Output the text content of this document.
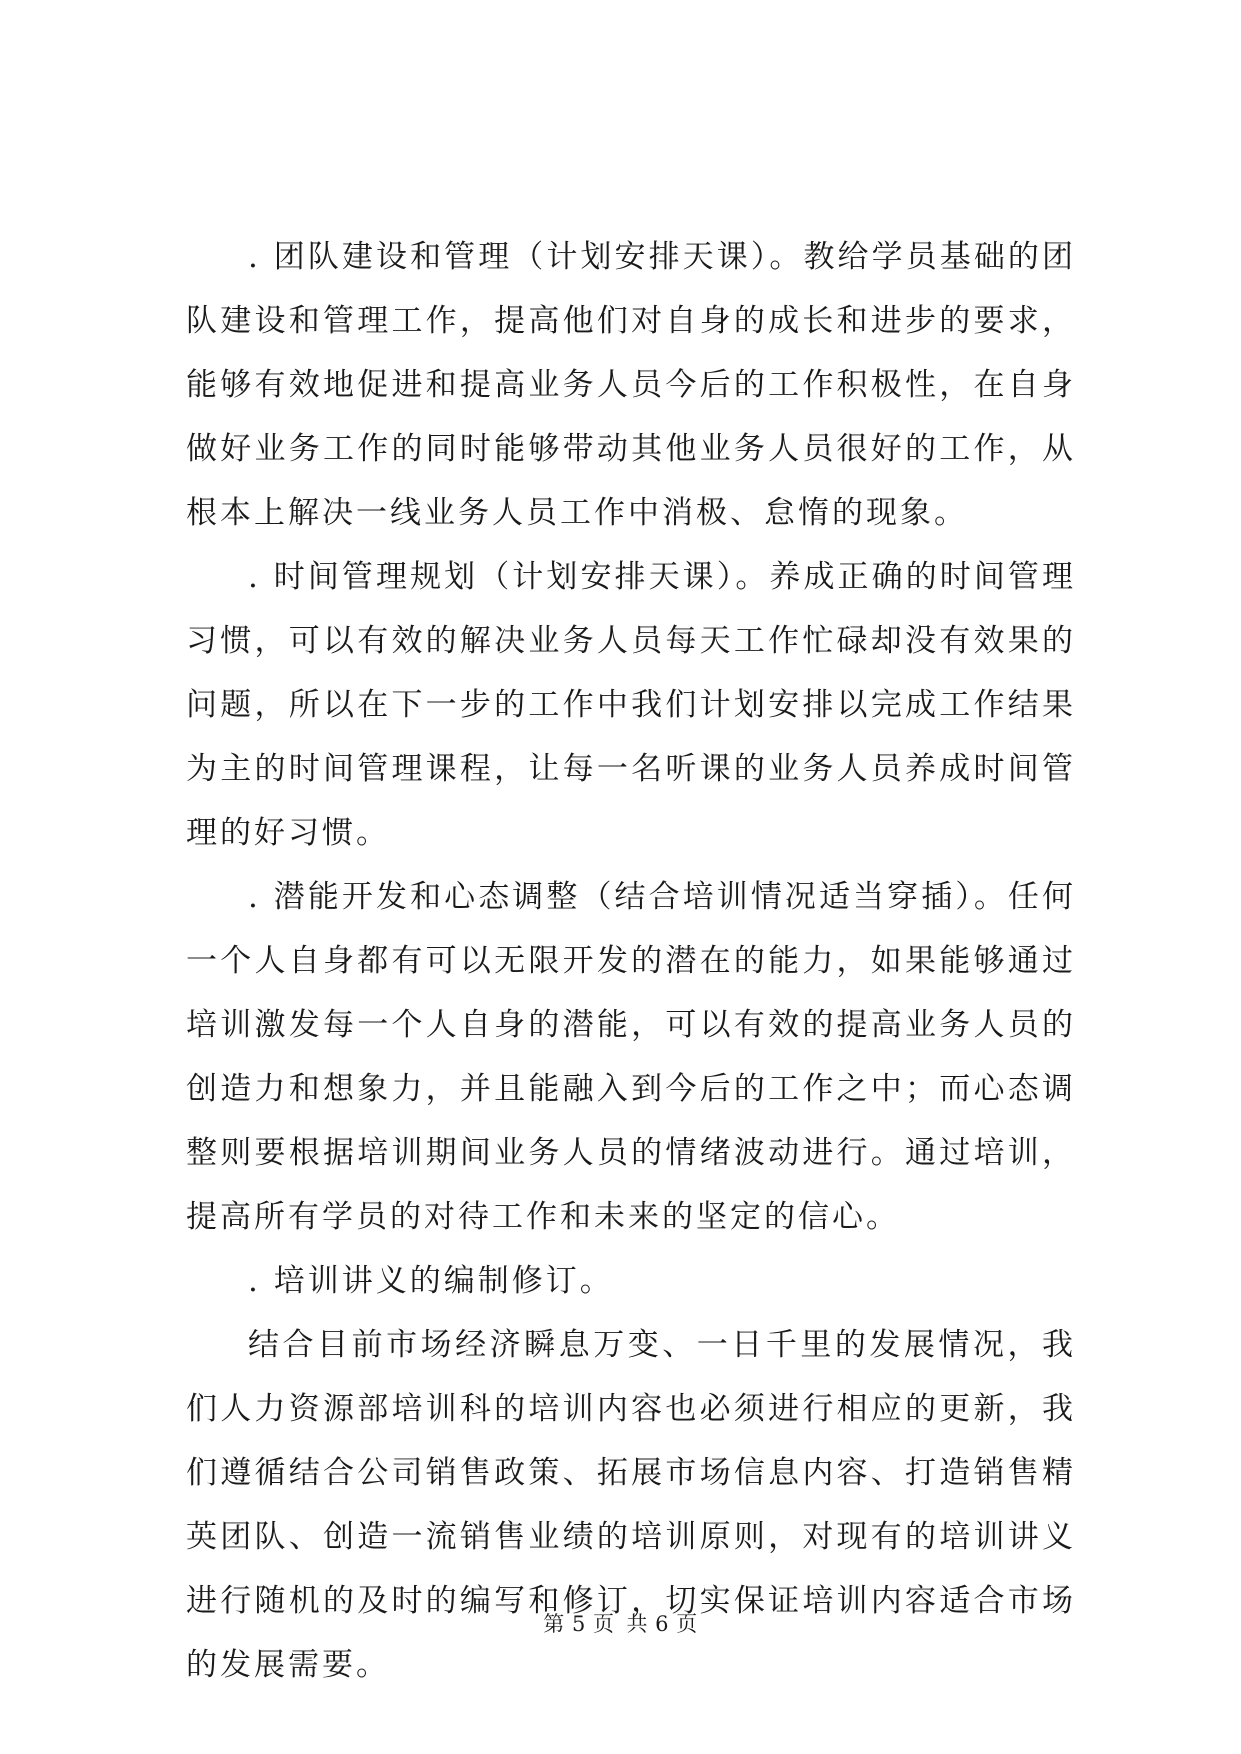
. 团队建设和管理（计划安排天课）。教给学员基础的团队建设和管理工作，提高他们对自身的成长和进步的要求，能够有效地促进和提高业务人员今后的工作积极性，在自身做好业务工作的同时能够带动其他业务人员很好的工作，从根本上解决一线业务人员工作中消极、怠惰的现象。

. 时间管理规划（计划安排天课）。养成正确的时间管理习惯，可以有效的解决业务人员每天工作忙碌却没有效果的问题，所以在下一步的工作中我们计划安排以完成工作结果为主的时间管理课程，让每一名听课的业务人员养成时间管理的好习惯。

. 潜能开发和心态调整（结合培训情况适当穿插）。任何一个人自身都有可以无限开发的潜在的能力，如果能够通过培训激发每一个人自身的潜能，可以有效的提高业务人员的创造力和想象力，并且能融入到今后的工作之中；而心态调整则要根据培训期间业务人员的情绪波动进行。通过培训，提高所有学员的对待工作和未来的坚定的信心。

. 培训讲义的编制修订。

结合目前市场经济瞬息万变、一日千里的发展情况，我们人力资源部培训科的培训内容也必须进行相应的更新，我们遵循结合公司销售政策、拓展市场信息内容、打造销售精英团队、创造一流销售业绩的培训原则，对现有的培训讲义进行随机的及时的编写和修订，切实保证培训内容适合市场的发展需要。

第 5 页 共 6 页
